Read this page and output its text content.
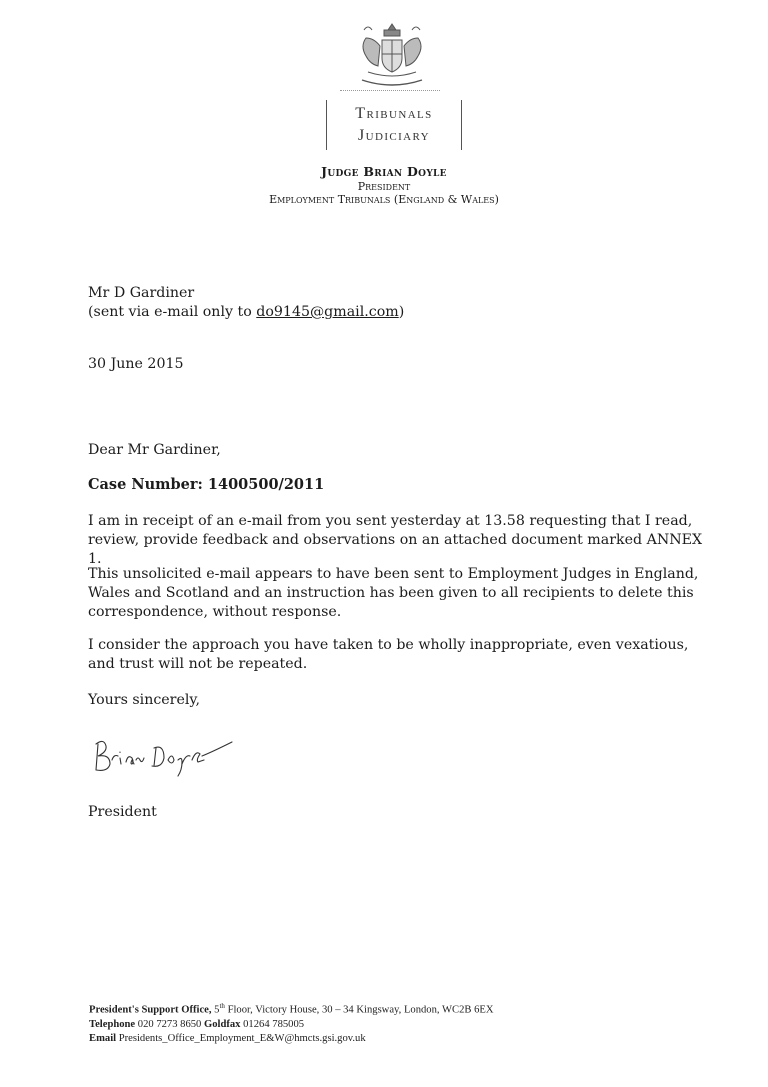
Tribunals
Judiciary
Judge Brian Doyle
President
Employment Tribunals (England & Wales)
Mr D Gardiner
(sent via e-mail only to do9145@gmail.com)
30 June 2015
Dear Mr Gardiner,
Case Number: 1400500/2011
I am in receipt of an e-mail from you sent yesterday at 13.58 requesting that I read, review, provide feedback and observations on an attached document marked ANNEX 1.
This unsolicited e-mail appears to have been sent to Employment Judges in England, Wales and Scotland and an instruction has been given to all recipients to delete this correspondence, without response.
I consider the approach you have taken to be wholly inappropriate, even vexatious, and trust will not be repeated.
Yours sincerely,
President
President's Support Office, 5th Floor, Victory House, 30 – 34 Kingsway, London, WC2B 6EX
Telephone 020 7273 8650 Goldfax 01264 785005
Email Presidents_Office_Employment_E&W@hmcts.gsi.gov.uk
